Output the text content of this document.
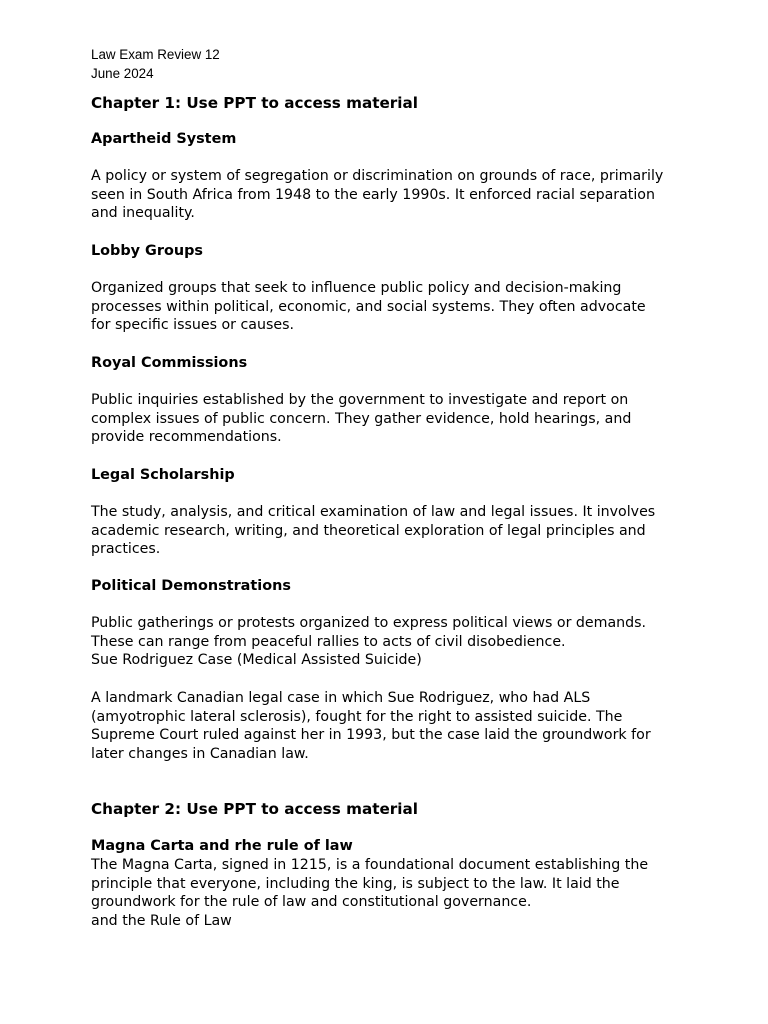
Law Exam Review 12
June 2024
Chapter 1: Use PPT to access material
Apartheid System
A policy or system of segregation or discrimination on grounds of race, primarily
seen in South Africa from 1948 to the early 1990s. It enforced racial separation
and inequality.
Lobby Groups
Organized groups that seek to influence public policy and decision-making
processes within political, economic, and social systems. They often advocate
for specific issues or causes.
Royal Commissions
Public inquiries established by the government to investigate and report on
complex issues of public concern. They gather evidence, hold hearings, and
provide recommendations.
Legal Scholarship
The study, analysis, and critical examination of law and legal issues. It involves
academic research, writing, and theoretical exploration of legal principles and
practices.
Political Demonstrations
Public gatherings or protests organized to express political views or demands.
These can range from peaceful rallies to acts of civil disobedience.
Sue Rodriguez Case (Medical Assisted Suicide)
A landmark Canadian legal case in which Sue Rodriguez, who had ALS
(amyotrophic lateral sclerosis), fought for the right to assisted suicide. The
Supreme Court ruled against her in 1993, but the case laid the groundwork for
later changes in Canadian law.
Chapter 2: Use PPT to access material
Magna Carta and rhe rule of law
The Magna Carta, signed in 1215, is a foundational document establishing the
principle that everyone, including the king, is subject to the law. It laid the
groundwork for the rule of law and constitutional governance.
and the Rule of Law
